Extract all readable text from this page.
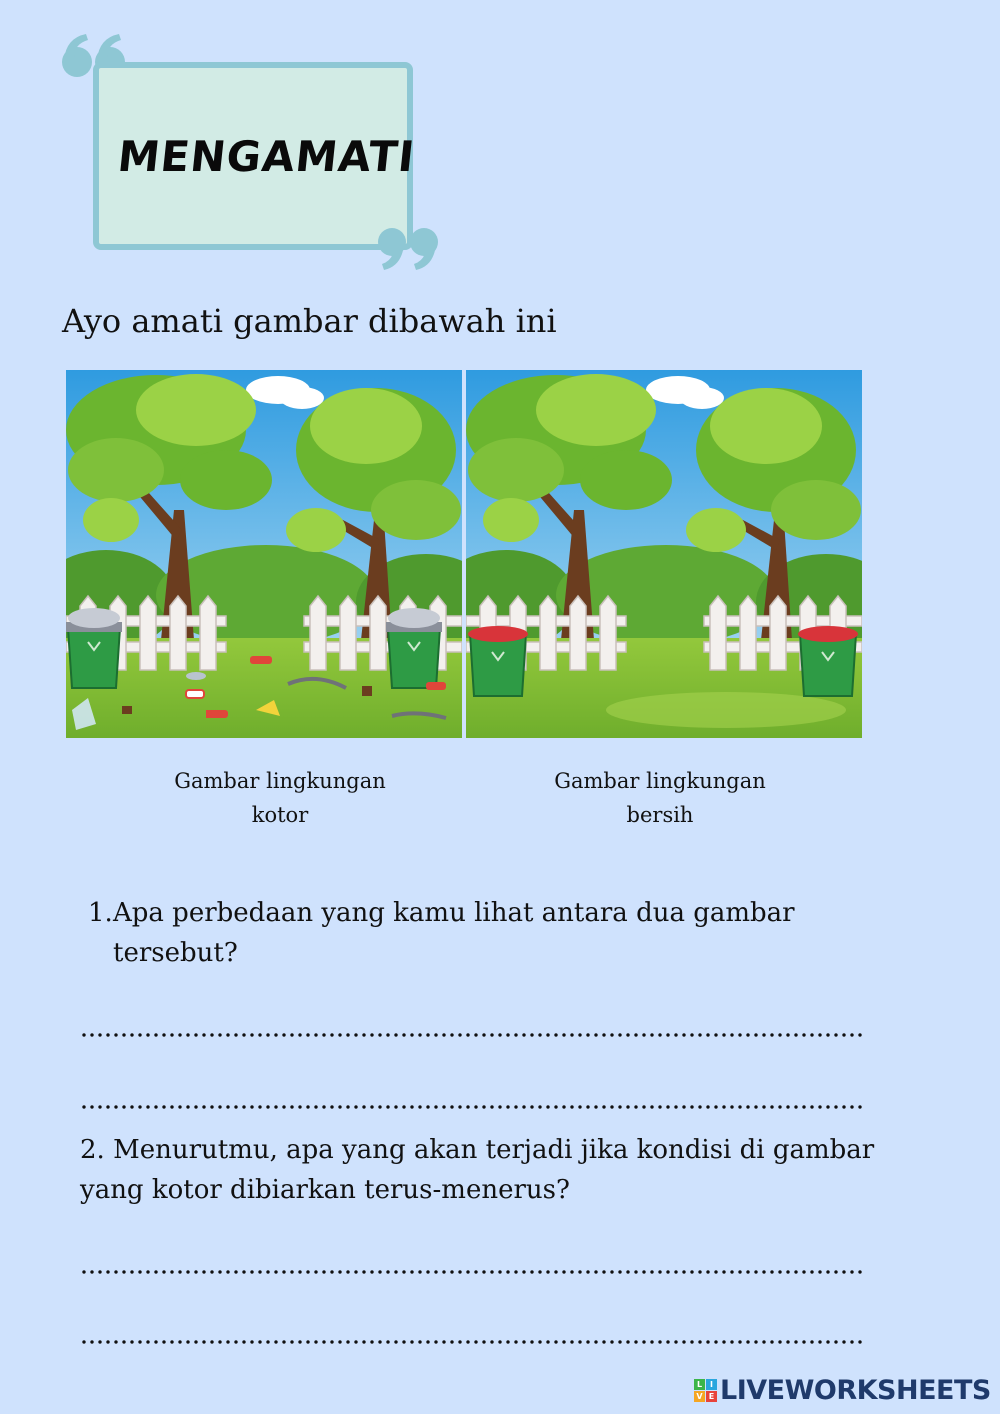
MENGAMATI
Ayo amati gambar dibawah ini
Gambar lingkungan
kotor
Gambar lingkungan
bersih
1. Apa perbedaan yang kamu lihat antara dua gambar
tersebut?
2. Menurutmu, apa yang akan terjadi jika kondisi di gambar
yang kotor dibiarkan terus-menerus?
L I
V E LIVEWORKSHEETS
